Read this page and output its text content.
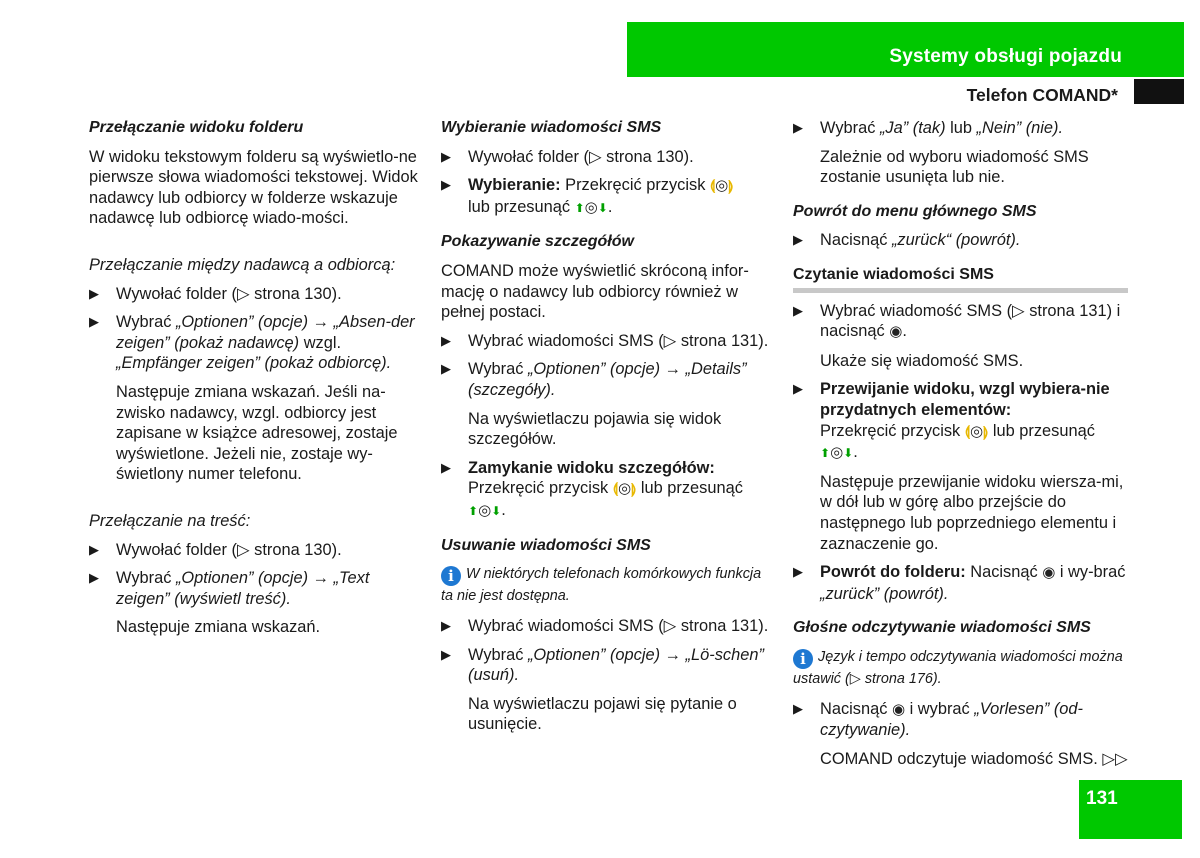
Systemy obsługi pojazdu
Telefon COMAND*
Przełączanie widoku folderu

W widoku tekstowym folderu są wyświetlo-ne pierwsze słowa wiadomości tekstowej. Widok nadawcy lub odbiorcy w folderze wskazuje nadawcę lub odbiorcę wiado-mości.

Przełączanie między nadawcą a odbiorcą:

▶	Wywołać folder (▷ strona 130).
▶	Wybrać „Optionen” (opcje) → „Absen-der zeigen” (pokaż nadawcę) wzgl. „Empfänger zeigen” (pokaż odbiorcę).

Następuje zmiana wskazań. Jeśli na-zwisko nadawcy, wzgl. odbiorcy jest zapisane w książce adresowej, zostaje wyświetlone. Jeżeli nie, zostaje wy-świetlony numer telefonu.

Przełączanie na treść:

▶	Wywołać folder (▷ strona 130).
▶	Wybrać „Optionen” (opcje) → „Text zeigen” (wyświetl treść).

Następuje zmiana wskazań.

Wybieranie wiadomości SMS
▶	Wywołać folder (▷ strona 130).
▶	Wybieranie: Przekręcić przycisk ⟬◎⟭
lub przesunąć ⬆◎⬇.
Pokazywanie szczegółów

COMAND może wyświetlić skróconą infor-mację o nadawcy lub odbiorcy również w pełnej postaci.

▶	Wybrać wiadomości SMS (▷ strona 131).
▶	Wybrać „Optionen” (opcje) → „Details” (szczegóły).

Na wyświetlaczu pojawia się widok szczegółów.

▶	Zamykanie widoku szczegółów:
Przekręcić przycisk ⟬◎⟭ lub przesunąć ⬆◎⬇.
Usuwanie wiadomości SMS

i W niektórych telefonach komórkowych funkcja ta nie jest dostępna.

▶	Wybrać wiadomości SMS (▷ strona 131).
▶	Wybrać „Optionen” (opcje) → „Lö-schen” (usuń).

Na wyświetlaczu pojawi się pytanie o usunięcie.

▶	Wybrać „Ja” (tak) lub „Nein” (nie).

Zależnie od wyboru wiadomość SMS zostanie usunięta lub nie.

Powrót do menu głównego SMS
▶	Nacisnąć „zurück“ (powrót).
Czytanie wiadomości SMS
▶	Wybrać wiadomość SMS (▷ strona 131) i nacisnąć ◉.

Ukaże się wiadomość SMS.

▶	Przewijanie widoku, wzgl wybiera-nie przydatnych elementów:
Przekręcić przycisk ⟬◎⟭ lub przesunąć ⬆◎⬇.

Następuje przewijanie widoku wiersza-mi, w dół lub w górę albo przejście do następnego lub poprzedniego elementu i zaznaczenie go.

▶	Powrót do folderu: Nacisnąć ◉ i wy-brać „zurück” (powrót).
Głośne odczytywanie wiadomości SMS

i Język i tempo odczytywania wiadomości można ustawić (▷ strona 176).

▶	Nacisnąć ◉ i wybrać „Vorlesen” (od-czytywanie).

COMAND odczytuje wiadomość SMS. ▷▷

131
